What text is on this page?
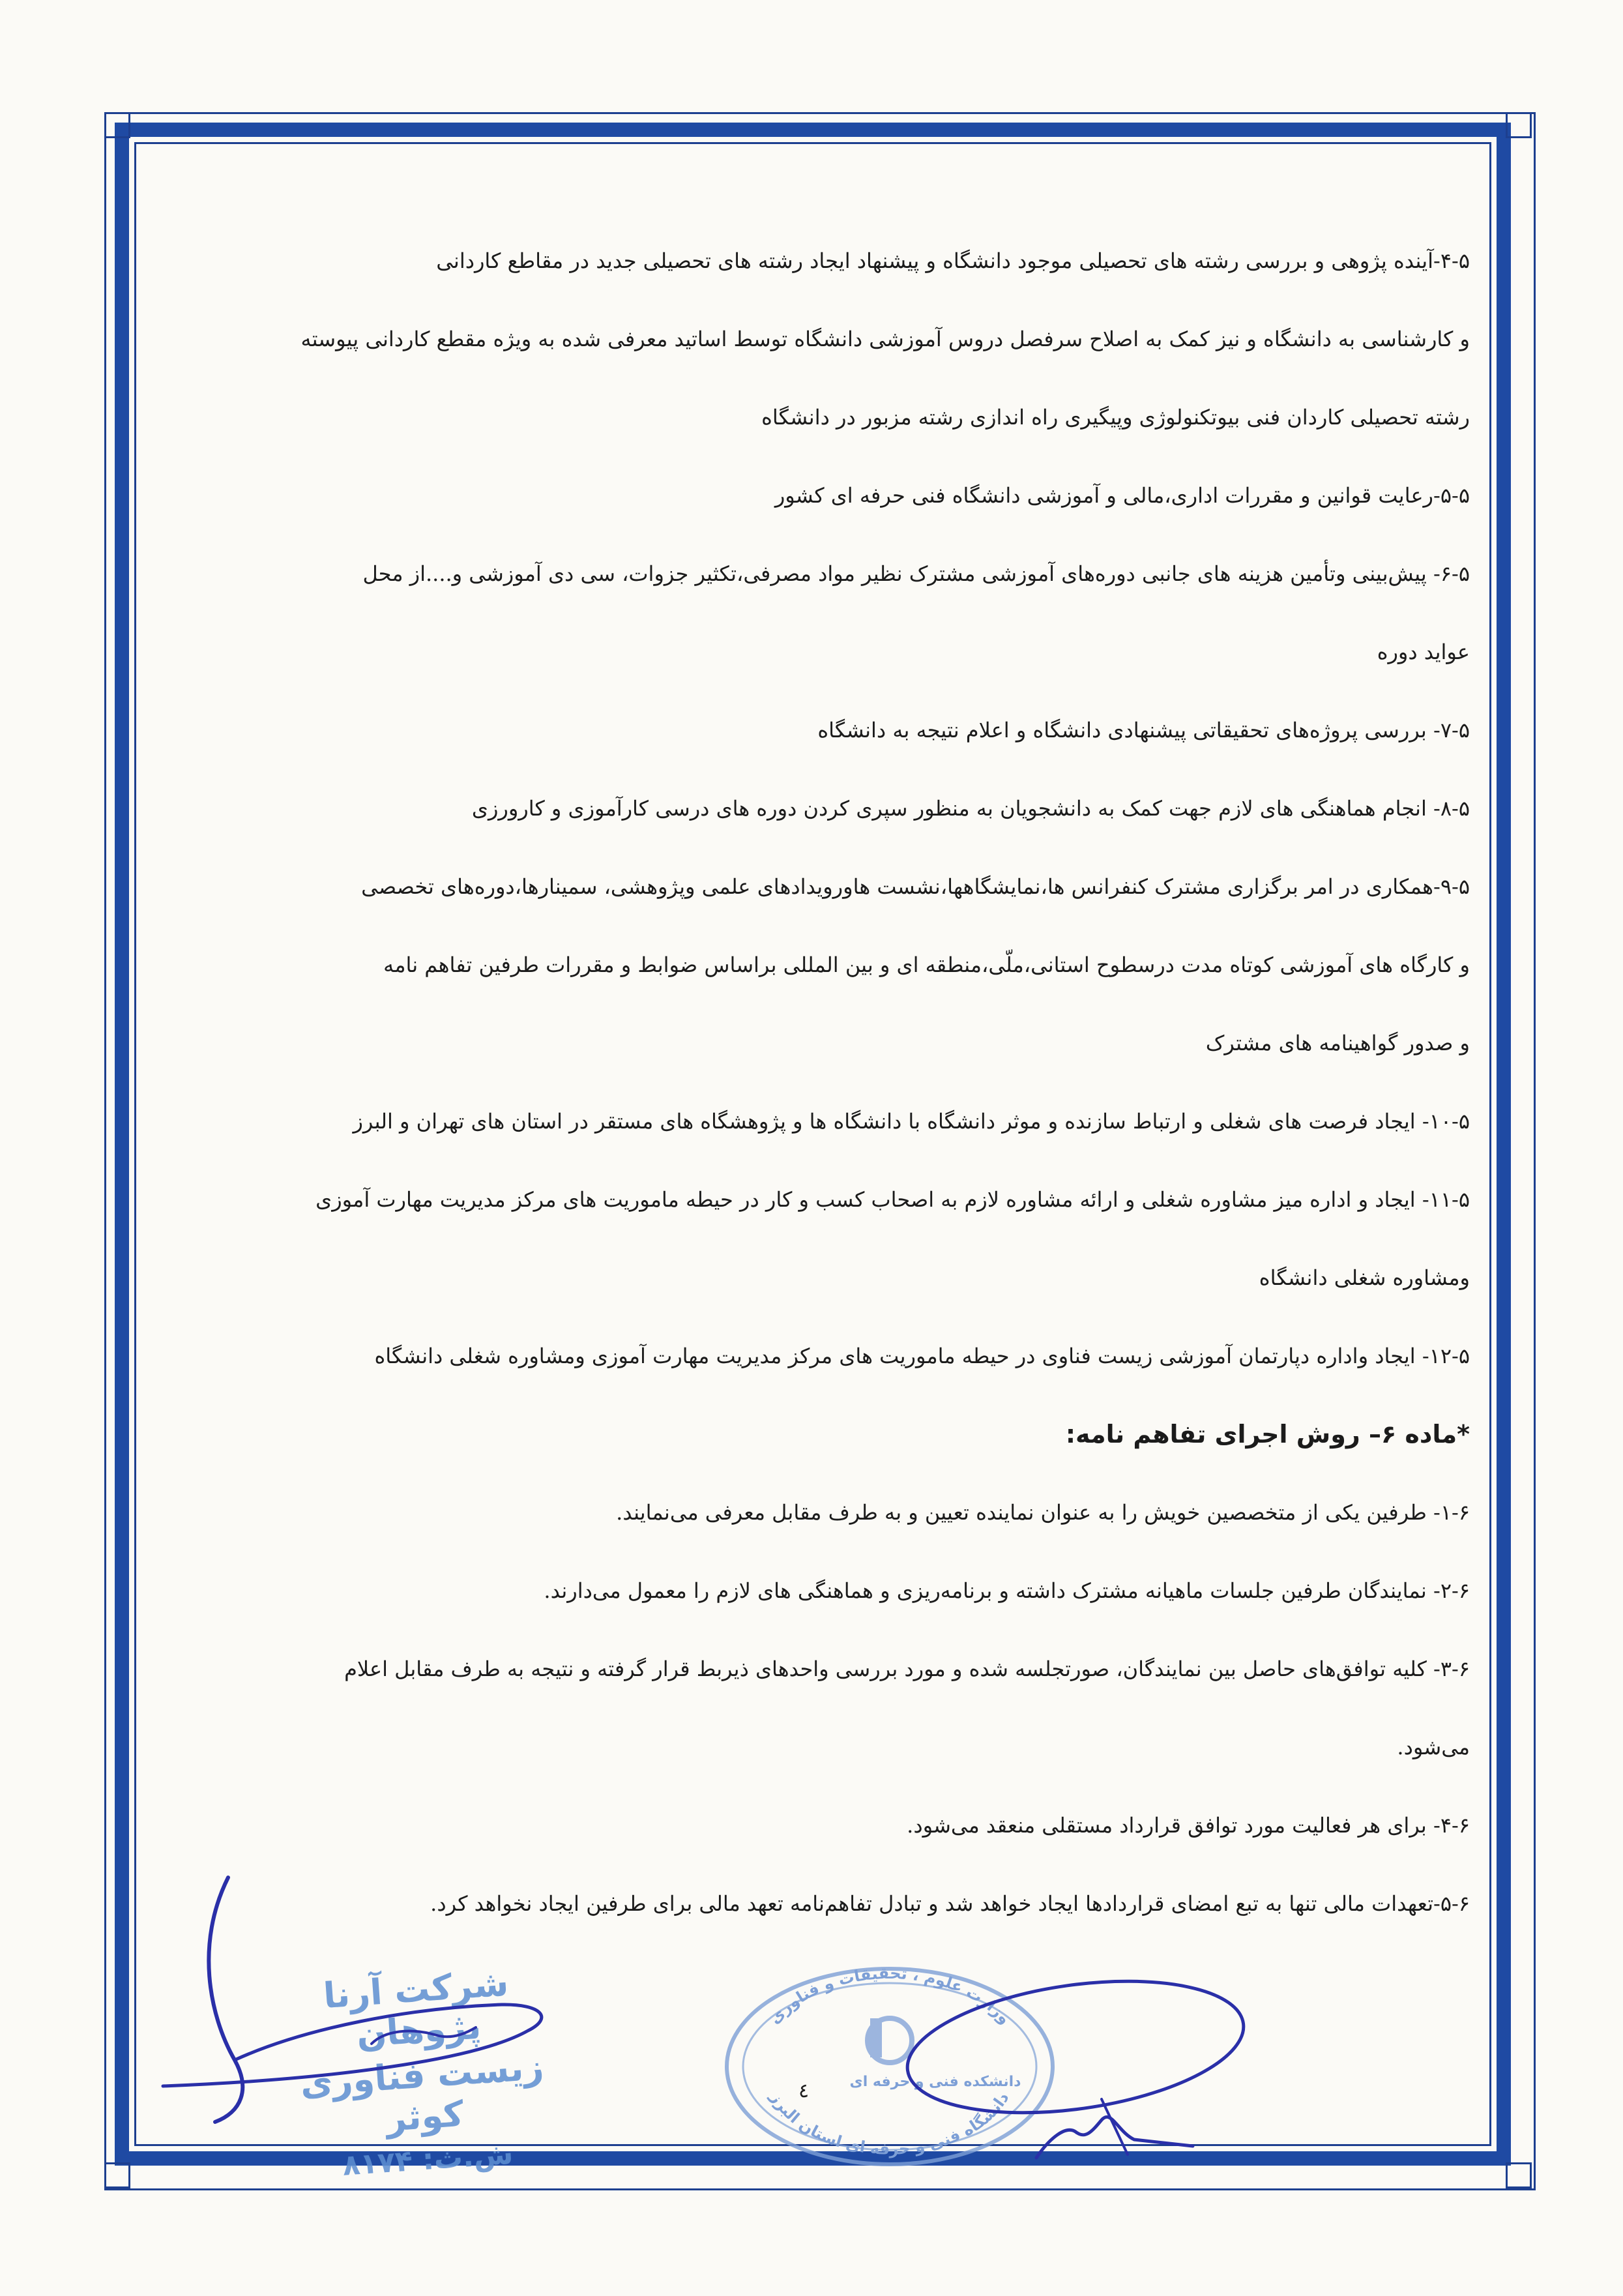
۴-۵-آینده پژوهی و بررسی رشته های تحصیلی موجود دانشگاه و پیشنهاد ایجاد رشته های تحصیلی جدید در مقاطع کاردانی
و کارشناسی به دانشگاه و نیز کمک به اصلاح سرفصل دروس آموزشی دانشگاه توسط اساتید معرفی شده به ویژه مقطع کاردانی پیوسته
رشته تحصیلی کاردان فنی بیوتکنولوژی وپیگیری راه اندازی رشته مزبور در دانشگاه

۵-۵-رعایت قوانین و مقررات اداری،مالی و آموزشی دانشگاه فنی حرفه ای کشور

۶-۵- پیش‌بینی وتأمین هزینه های جانبی دوره‌های آموزشی مشترک نظیر مواد مصرفی،تکثیر جزوات، سی دی آموزشی و....از محل
عواید دوره

۷-۵- بررسی پروژه‌های تحقیقاتی پیشنهادی دانشگاه و اعلام نتیجه به دانشگاه

۸-۵- انجام هماهنگی های لازم جهت کمک به دانشجویان به منظور سپری کردن دوره های درسی کارآموزی و کارورزی

۹-۵-همکاری در امر برگزاری مشترک کنفرانس ها،نمایشگاهها،نشست هاورویدادهای علمی وپژوهشی، سمینارها،دوره‌های تخصصی
و کارگاه های آموزشی کوتاه مدت درسطوح استانی،ملّی،منطقه ای و بین المللی براساس ضوابط و مقررات طرفین تفاهم نامه
و صدور گواهینامه های مشترک

۱۰-۵- ایجاد فرصت های شغلی و ارتباط سازنده و موثر دانشگاه با دانشگاه ها و پژوهشگاه های مستقر در استان های تهران و البرز

۱۱-۵- ایجاد و اداره میز مشاوره شغلی و ارائه مشاوره لازم به اصحاب کسب و کار در حیطه ماموریت های مرکز مدیریت مهارت آموزی
ومشاوره شغلی دانشگاه

۱۲-۵- ایجاد واداره دپارتمان آموزشی زیست فناوی در حیطه ماموریت های مرکز مدیریت مهارت آموزی ومشاوره شغلی دانشگاه

*ماده ۶– روش اجرای تفاهم نامه:

۱-۶- طرفین یکی از متخصصین خویش را به عنوان نماینده تعیین و به طرف مقابل معرفی می‌نمایند.

۲-۶- نمایندگان طرفین جلسات ماهیانه مشترک داشته و برنامه‌ریزی و هماهنگی های لازم را معمول می‌دارند.

۳-۶- کلیه توافق‌های حاصل بین نمایندگان، صورتجلسه شده و مورد بررسی واحدهای ذیربط قرار گرفته و نتیجه به طرف مقابل اعلام
می‌شود.

۴-۶- برای هر فعالیت مورد توافق قرارداد مستقلی منعقد می‌شود.

۵-۶-تعهدات مالی تنها به تبع امضای قراردادها ایجاد خواهد شد و تبادل تفاهم‌نامه تعهد مالی برای طرفین ایجاد نخواهد کرد.

شرکت آرنا پژوهان
زیست فناوری کوثر
ش.ث: ۸۱۷۴
وزارت علوم ، تحقیقات و فناوری
دانشگاه فنی و حرفه ای استان البرز
دانشکده فنی و حرفه ای
٤
